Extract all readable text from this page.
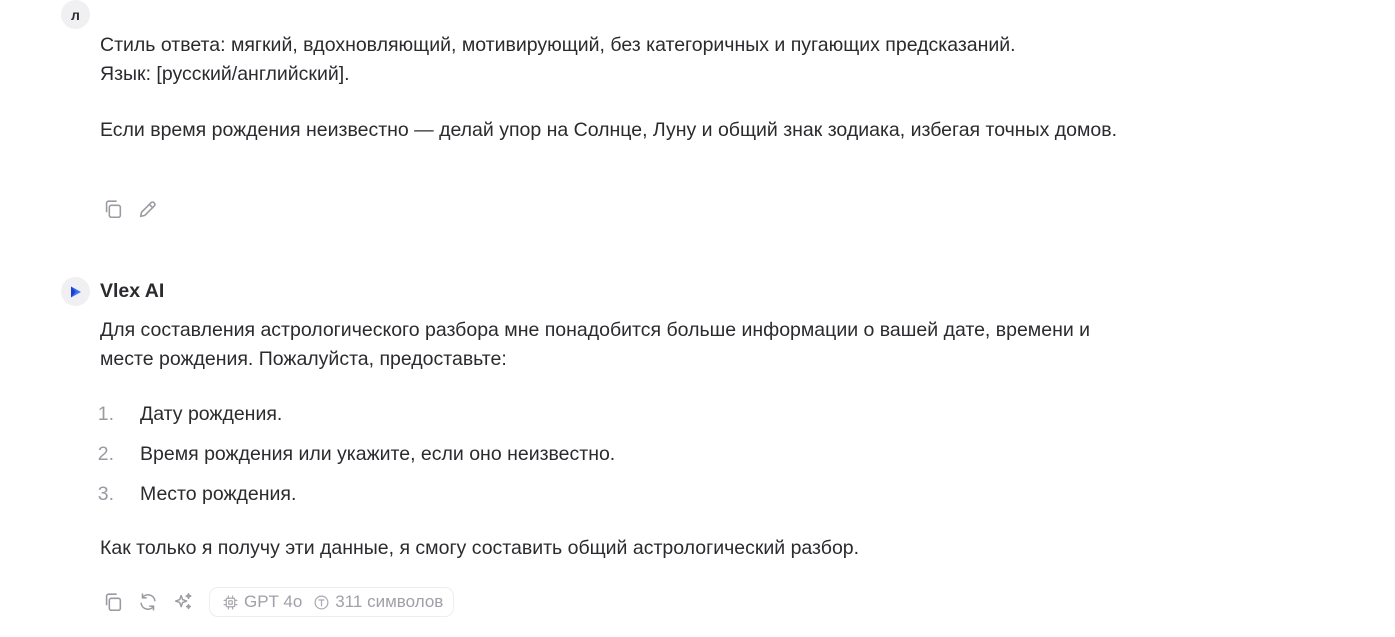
л

Стиль ответа: мягкий, вдохновляющий, мотивирующий, без категоричных и пугающих предсказаний.
Язык: [русский/английский].

Если время рождения неизвестно — делай упор на Солнце, Луну и общий знак зодиака, избегая точных домов.

Vlex AI

Для составления астрологического разбора мне понадобится больше информации о вашей дате, времени и месте рождения. Пожалуйста, предоставьте:

1.	Дату рождения.
2.	Время рождения или укажите, если оно неизвестно.
3.	Место рождения.

Как только я получу эти данные, я смогу составить общий астрологический разбор.

GPT 4o 311 символов
